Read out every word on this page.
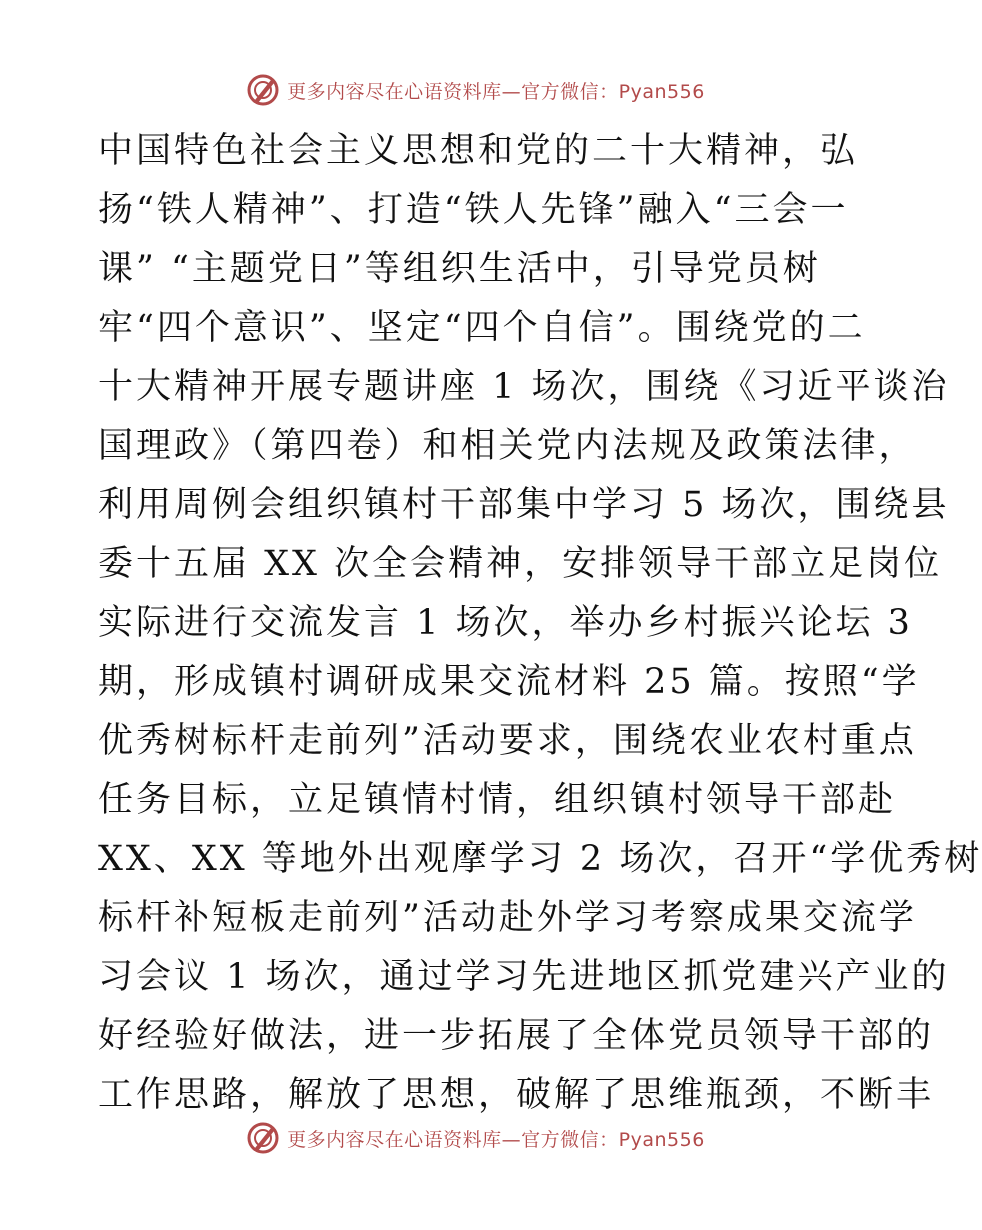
更多内容尽在心语资料库—官方微信：Pyan556
中国特色社会主义思想和党的二十大精神，弘
扬“铁人精神”、打造“铁人先锋”融入“三会一
课” “主题党日”等组织生活中，引导党员树
牢“四个意识”、坚定“四个自信”。围绕党的二
十大精神开展专题讲座 1 场次，围绕《习近平谈治
国理政》（第四卷）和相关党内法规及政策法律，
利用周例会组织镇村干部集中学习 5 场次，围绕县
委十五届 XX 次全会精神，安排领导干部立足岗位
实际进行交流发言 1 场次，举办乡村振兴论坛 3
期，形成镇村调研成果交流材料 25 篇。按照“学
优秀树标杆走前列”活动要求，围绕农业农村重点
任务目标，立足镇情村情，组织镇村领导干部赴
XX、XX 等地外出观摩学习 2 场次，召开“学优秀树
标杆补短板走前列”活动赴外学习考察成果交流学
习会议 1 场次，通过学习先进地区抓党建兴产业的
好经验好做法，进一步拓展了全体党员领导干部的
工作思路，解放了思想，破解了思维瓶颈，不断丰
更多内容尽在心语资料库—官方微信：Pyan556
